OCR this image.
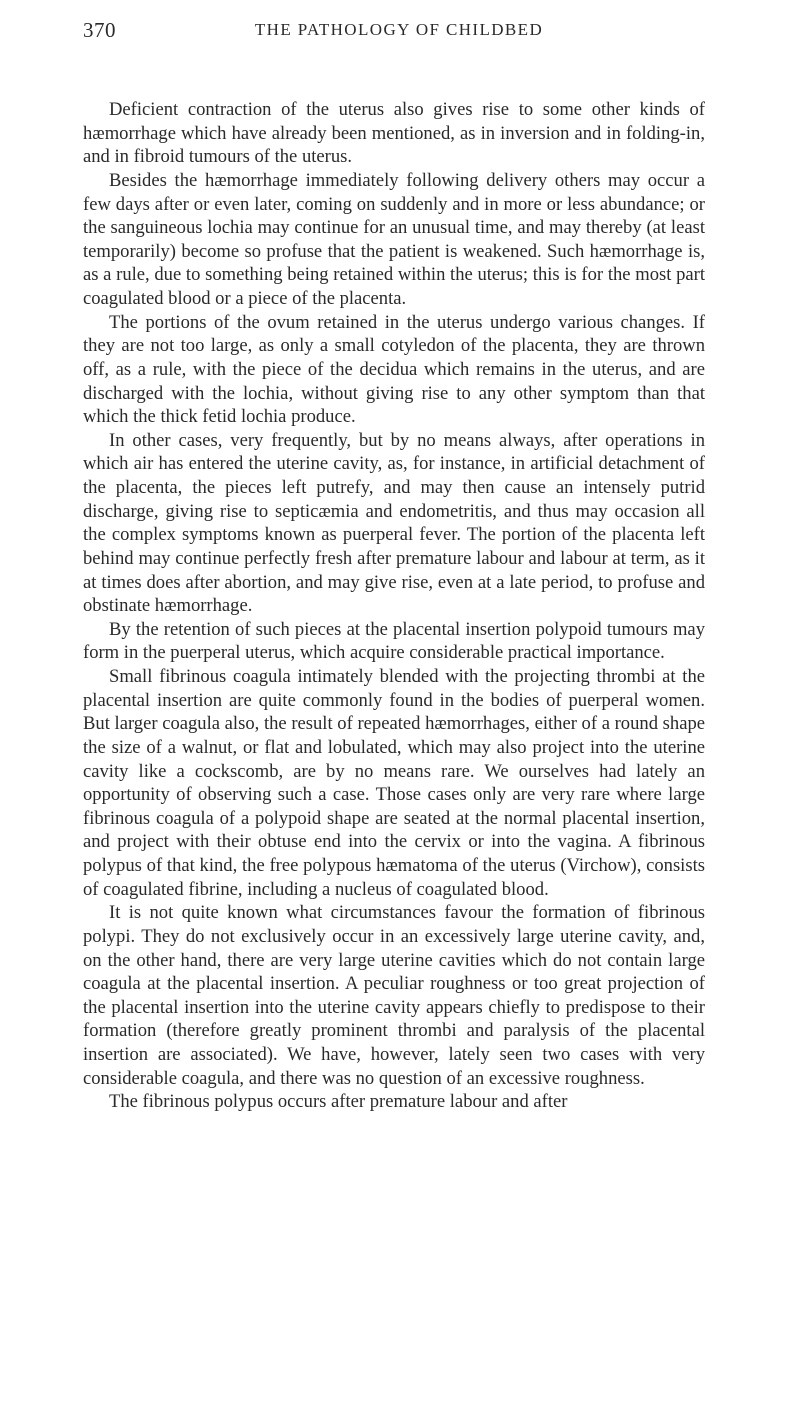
370	THE PATHOLOGY OF CHILDBED

Deficient contraction of the uterus also gives rise to some other kinds of hæmorrhage which have already been mentioned, as in inversion and in folding-in, and in fibroid tumours of the uterus.

Besides the hæmorrhage immediately following delivery others may occur a few days after or even later, coming on suddenly and in more or less abundance; or the sanguineous lochia may continue for an unusual time, and may thereby (at least temporarily) become so profuse that the patient is weakened. Such hæmorrhage is, as a rule, due to something being retained within the uterus; this is for the most part coagulated blood or a piece of the placenta.

The portions of the ovum retained in the uterus undergo various changes. If they are not too large, as only a small cotyledon of the placenta, they are thrown off, as a rule, with the piece of the decidua which remains in the uterus, and are discharged with the lochia, without giving rise to any other symptom than that which the thick fetid lochia produce.

In other cases, very frequently, but by no means always, after operations in which air has entered the uterine cavity, as, for instance, in artificial detachment of the placenta, the pieces left putrefy, and may then cause an intensely putrid discharge, giving rise to septicæmia and endometritis, and thus may occasion all the complex symptoms known as puerperal fever. The portion of the placenta left behind may continue perfectly fresh after premature labour and labour at term, as it at times does after abortion, and may give rise, even at a late period, to profuse and obstinate hæmorrhage.

By the retention of such pieces at the placental insertion polypoid tumours may form in the puerperal uterus, which acquire considerable practical importance.

Small fibrinous coagula intimately blended with the projecting thrombi at the placental insertion are quite commonly found in the bodies of puerperal women. But larger coagula also, the result of repeated hæmorrhages, either of a round shape the size of a walnut, or flat and lobulated, which may also project into the uterine cavity like a cockscomb, are by no means rare. We ourselves had lately an opportunity of observing such a case. Those cases only are very rare where large fibrinous coagula of a polypoid shape are seated at the normal placental insertion, and project with their obtuse end into the cervix or into the vagina. A fibrinous polypus of that kind, the free polypous hæmatoma of the uterus (Virchow), consists of coagulated fibrine, including a nucleus of coagulated blood.

It is not quite known what circumstances favour the formation of fibrinous polypi. They do not exclusively occur in an excessively large uterine cavity, and, on the other hand, there are very large uterine cavities which do not contain large coagula at the placental insertion. A peculiar roughness or too great projection of the placental insertion into the uterine cavity appears chiefly to predispose to their formation (therefore greatly prominent thrombi and paralysis of the placental insertion are associated). We have, however, lately seen two cases with very considerable coagula, and there was no question of an excessive roughness.

The fibrinous polypus occurs after premature labour and after
